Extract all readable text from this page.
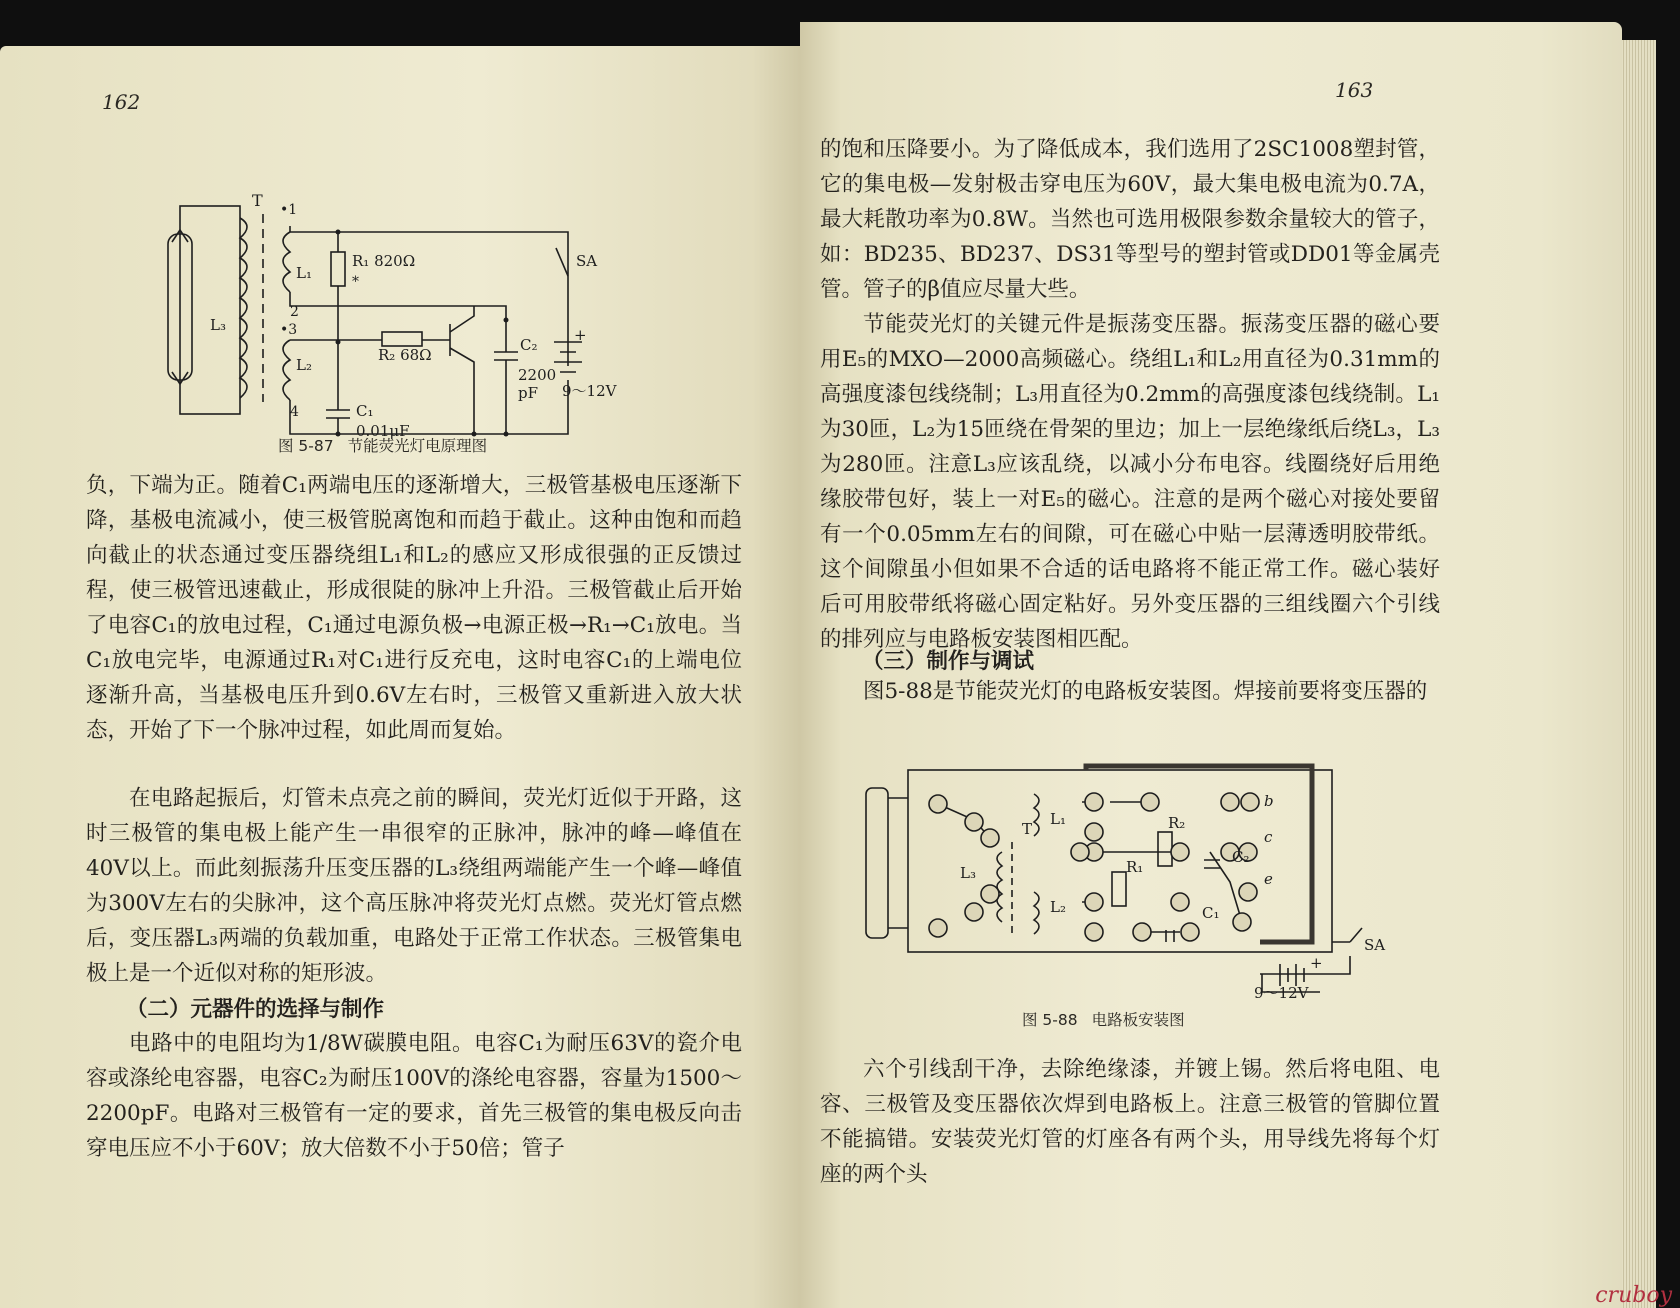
162
T •1
L₁
2
•3
L₂
4
L₃
R₁ 820Ω
*
R₂ 68Ω
C₁
0.01μF
C₂
2200
pF
SA
+
9～12V
图 5-87 节能荧光灯电原理图

负，下端为正。随着C₁两端电压的逐渐增大，三极管基极电压逐渐下降，基极电流减小，使三极管脱离饱和而趋于截止。这种由饱和而趋向截止的状态通过变压器绕组L₁和L₂的感应又形成很强的正反馈过程，使三极管迅速截止，形成很陡的脉冲上升沿。三极管截止后开始了电容C₁的放电过程，C₁通过电源负极→电源正极→R₁→C₁放电。当C₁放电完毕，电源通过R₁对C₁进行反充电，这时电容C₁的上端电位逐渐升高，当基极电压升到0.6V左右时，三极管又重新进入放大状态，开始了下一个脉冲过程，如此周而复始。

在电路起振后，灯管未点亮之前的瞬间，荧光灯近似于开路，这时三极管的集电极上能产生一串很窄的正脉冲，脉冲的峰—峰值在40V以上。而此刻振荡升压变压器的L₃绕组两端能产生一个峰—峰值为300V左右的尖脉冲，这个高压脉冲将荧光灯点燃。荧光灯管点燃后，变压器L₃两端的负载加重，电路处于正常工作状态。三极管集电极上是一个近似对称的矩形波。

（二）元器件的选择与制作

电路中的电阻均为1/8W碳膜电阻。电容C₁为耐压63V的瓷介电容或涤纶电容器，电容C₂为耐压100V的涤纶电容器，容量为1500～2200pF。电路对三极管有一定的要求，首先三极管的集电极反向击穿电压应不小于60V；放大倍数不小于50倍；管子

163

的饱和压降要小。为了降低成本，我们选用了2SC1008塑封管，它的集电极—发射极击穿电压为60V，最大集电极电流为0.7A，最大耗散功率为0.8W。当然也可选用极限参数余量较大的管子，如：BD235、BD237、DS31等型号的塑封管或DD01等金属壳管。管子的β值应尽量大些。

节能荧光灯的关键元件是振荡变压器。振荡变压器的磁心要用E₅的MXO—2000高频磁心。绕组L₁和L₂用直径为0.31mm的高强度漆包线绕制；L₃用直径为0.2mm的高强度漆包线绕制。L₁为30匝，L₂为15匝绕在骨架的里边；加上一层绝缘纸后绕L₃，L₃为280匝。注意L₃应该乱绕，以减小分布电容。线圈绕好后用绝缘胶带包好，装上一对E₅的磁心。注意的是两个磁心对接处要留有一个0.05mm左右的间隙，可在磁心中贴一层薄透明胶带纸。这个间隙虽小但如果不合适的话电路将不能正常工作。磁心装好后可用胶带纸将磁心固定粘好。另外变压器的三组线圈六个引线的排列应与电路板安装图相匹配。

（三）制作与调试

图5-88是节能荧光灯的电路板安装图。焊接前要将变压器的

T
L₁
L₂
L₃	R₁
R₂
C₁
C₂
b
c
e
SA
+
9～12V
图 5-88 电路板安装图

六个引线刮干净，去除绝缘漆，并镀上锡。然后将电阻、电容、三极管及变压器依次焊到电路板上。注意三极管的管脚位置不能搞错。安装荧光灯管的灯座各有两个头，用导线先将每个灯座的两个头

cruboy
